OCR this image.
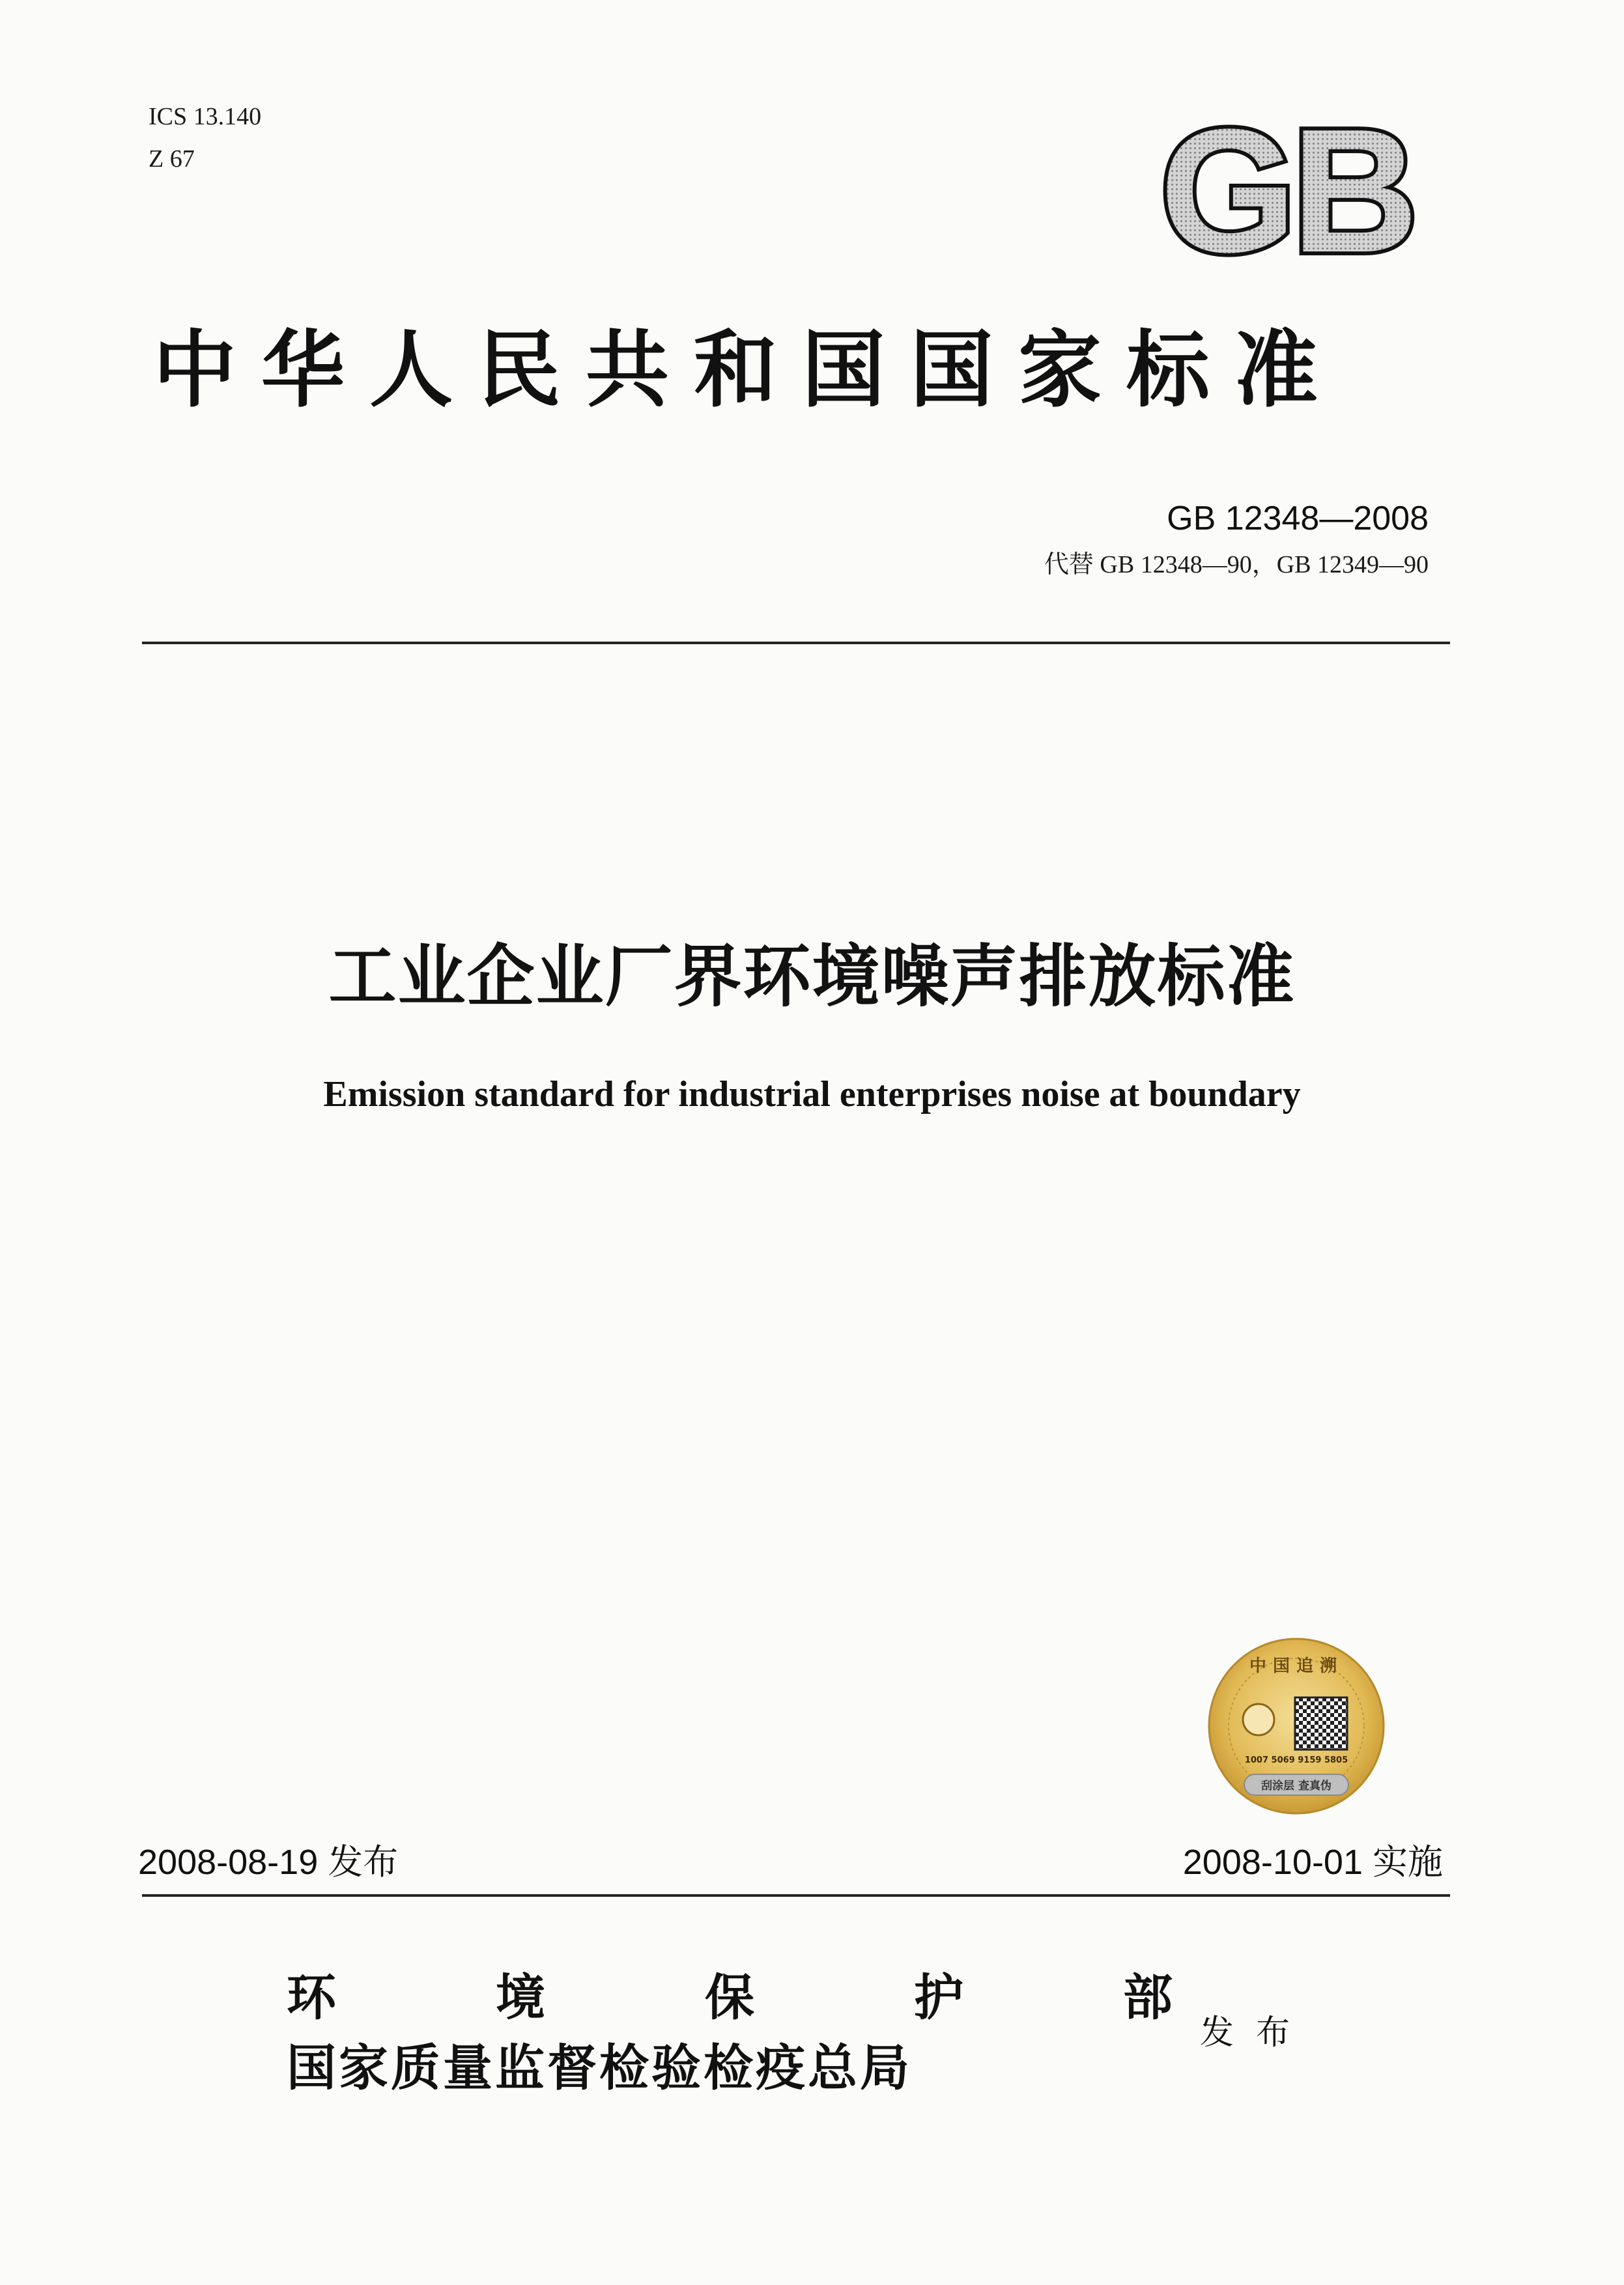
ICS 13.140
Z 67	GB
中华人民共和国国家标准
GB 12348—2008
代替 GB 12348—90，GB 12349—90
工业企业厂界环境噪声排放标准
Emission standard for industrial enterprises noise at boundary
中国追溯
1007 5069 9159 5805
刮涂层 查真伪
2008-08-19 发布	2008-10-01 实施
环	境	保	护	部
国家质量监督检验检疫总局
发布
